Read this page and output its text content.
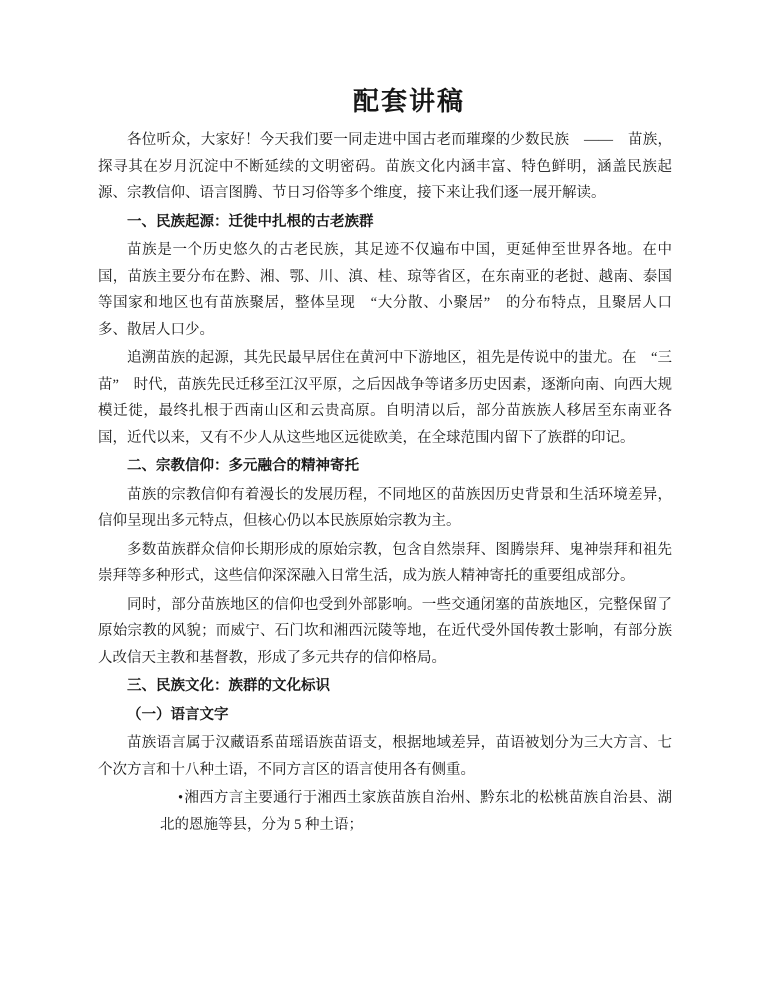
配套讲稿

各位听众，大家好！今天我们要一同走进中国古老而璀璨的少数民族　——　苗族，探寻其在岁月沉淀中不断延续的文明密码。苗族文化内涵丰富、特色鲜明，涵盖民族起源、宗教信仰、语言图腾、节日习俗等多个维度，接下来让我们逐一展开解读。

一、民族起源：迁徙中扎根的古老族群

苗族是一个历史悠久的古老民族，其足迹不仅遍布中国，更延伸至世界各地。在中国，苗族主要分布在黔、湘、鄂、川、滇、桂、琼等省区，在东南亚的老挝、越南、泰国等国家和地区也有苗族聚居，整体呈现　“大分散、小聚居”　的分布特点，且聚居人口多、散居人口少。

追溯苗族的起源，其先民最早居住在黄河中下游地区，祖先是传说中的蚩尤。在　“三苗”　时代，苗族先民迁移至江汉平原，之后因战争等诸多历史因素，逐渐向南、向西大规模迁徙，最终扎根于西南山区和云贵高原。自明清以后，部分苗族族人移居至东南亚各国，近代以来，又有不少人从这些地区远徙欧美，在全球范围内留下了族群的印记。

二、宗教信仰：多元融合的精神寄托

苗族的宗教信仰有着漫长的发展历程，不同地区的苗族因历史背景和生活环境差异，信仰呈现出多元特点，但核心仍以本民族原始宗教为主。

多数苗族群众信仰长期形成的原始宗教，包含自然崇拜、图腾崇拜、鬼神崇拜和祖先崇拜等多种形式，这些信仰深深融入日常生活，成为族人精神寄托的重要组成部分。

同时，部分苗族地区的信仰也受到外部影响。一些交通闭塞的苗族地区，完整保留了原始宗教的风貌；而威宁、石门坎和湘西沅陵等地，在近代受外国传教士影响，有部分族人改信天主教和基督教，形成了多元共存的信仰格局。

三、民族文化：族群的文化标识

（一）语言文字

苗族语言属于汉藏语系苗瑶语族苗语支，根据地域差异，苗语被划分为三大方言、七个次方言和十八种土语，不同方言区的语言使用各有侧重。

•湘西方言主要通行于湘西土家族苗族自治州、黔东北的松桃苗族自治县、湖北的恩施等县，分为 5 种土语；
